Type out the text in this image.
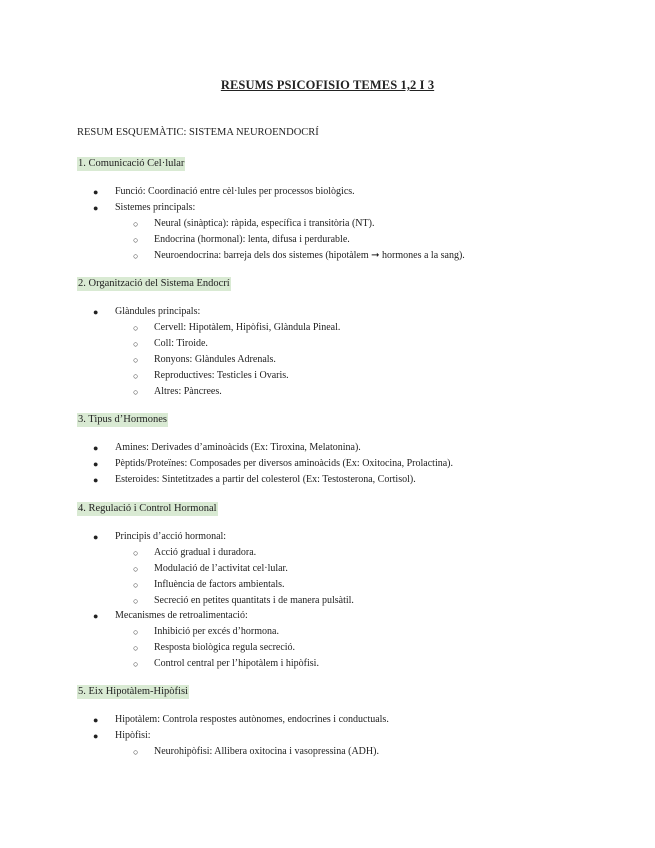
RESUMS PSICOFISIO TEMES 1,2 I 3
RESUM ESQUEMÀTIC: SISTEMA NEUROENDOCRÍ
1. Comunicació Cel·lular
● Funció: Coordinació entre cèl·lules per processos biològics.
● Sistemes principals:
○ Neural (sinàptica): ràpida, específica i transitòria (NT).
○ Endocrina (hormonal): lenta, difusa i perdurable.
○ Neuroendocrina: barreja dels dos sistemes (hipotàlem ➞ hormones a la sang).
2. Organització del Sistema Endocrí
● Glàndules principals:
○ Cervell: Hipotàlem, Hipòfisi, Glàndula Pineal.
○ Coll: Tiroide.
○ Ronyons: Glàndules Adrenals.
○ Reproductives: Testicles i Ovaris.
○ Altres: Pàncrees.
3. Tipus d’Hormones
● Amines: Derivades d’aminoàcids (Ex: Tiroxina, Melatonina).
● Pèptids/Proteïnes: Composades per diversos aminoàcids (Ex: Oxitocina, Prolactina).
● Esteroides: Sintetitzades a partir del colesterol (Ex: Testosterona, Cortisol).
4. Regulació i Control Hormonal
● Principis d’acció hormonal:
○ Acció gradual i duradora.
○ Modulació de l’activitat cel·lular.
○ Influència de factors ambientals.
○ Secreció en petites quantitats i de manera pulsàtil.
● Mecanismes de retroalimentació:
○ Inhibició per excés d’hormona.
○ Resposta biològica regula secreció.
○ Control central per l’hipotàlem i hipòfisi.
5. Eix Hipotàlem-Hipòfisi
● Hipotàlem: Controla respostes autònomes, endocrines i conductuals.
● Hipòfisi:
○ Neurohipòfisi: Allibera oxitocina i vasopressina (ADH).
